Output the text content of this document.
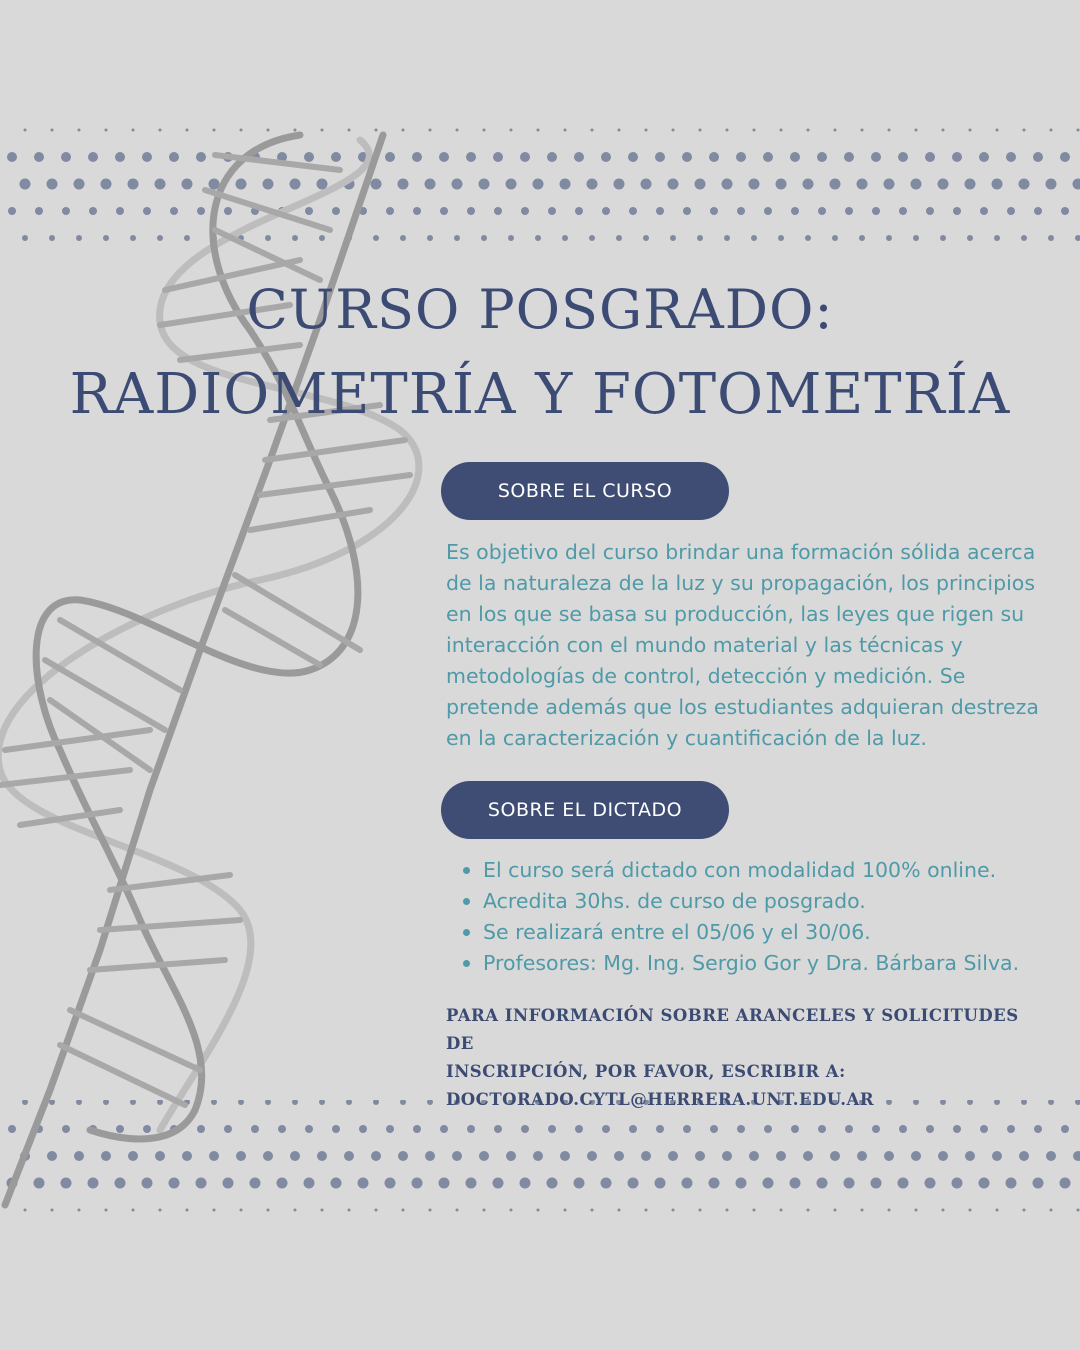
CURSO POSGRADO:
RADIOMETRÍA Y FOTOMETRÍA
SOBRE EL CURSO

Es objetivo del curso brindar una formación sólida acerca de la naturaleza de la luz y su propagación, los principios en los que se basa su producción, las leyes que rigen su interacción con el mundo material y las técnicas y metodologías de control, detección y medición. Se pretende además que los estudiantes adquieran destreza en la caracterización y cuantificación de la luz.

SOBRE EL DICTADO
El curso será dictado con modalidad 100% online.
Acredita 30hs. de curso de posgrado.
Se realizará entre el 05/06 y el 30/06.
Profesores: Mg. Ing. Sergio Gor y Dra. Bárbara Silva.
PARA INFORMACIÓN SOBRE ARANCELES Y SOLICITUDES DE
INSCRIPCIÓN, POR FAVOR, ESCRIBIR A:
DOCTORADO.CYTL@HERRERA.UNT.EDU.AR
